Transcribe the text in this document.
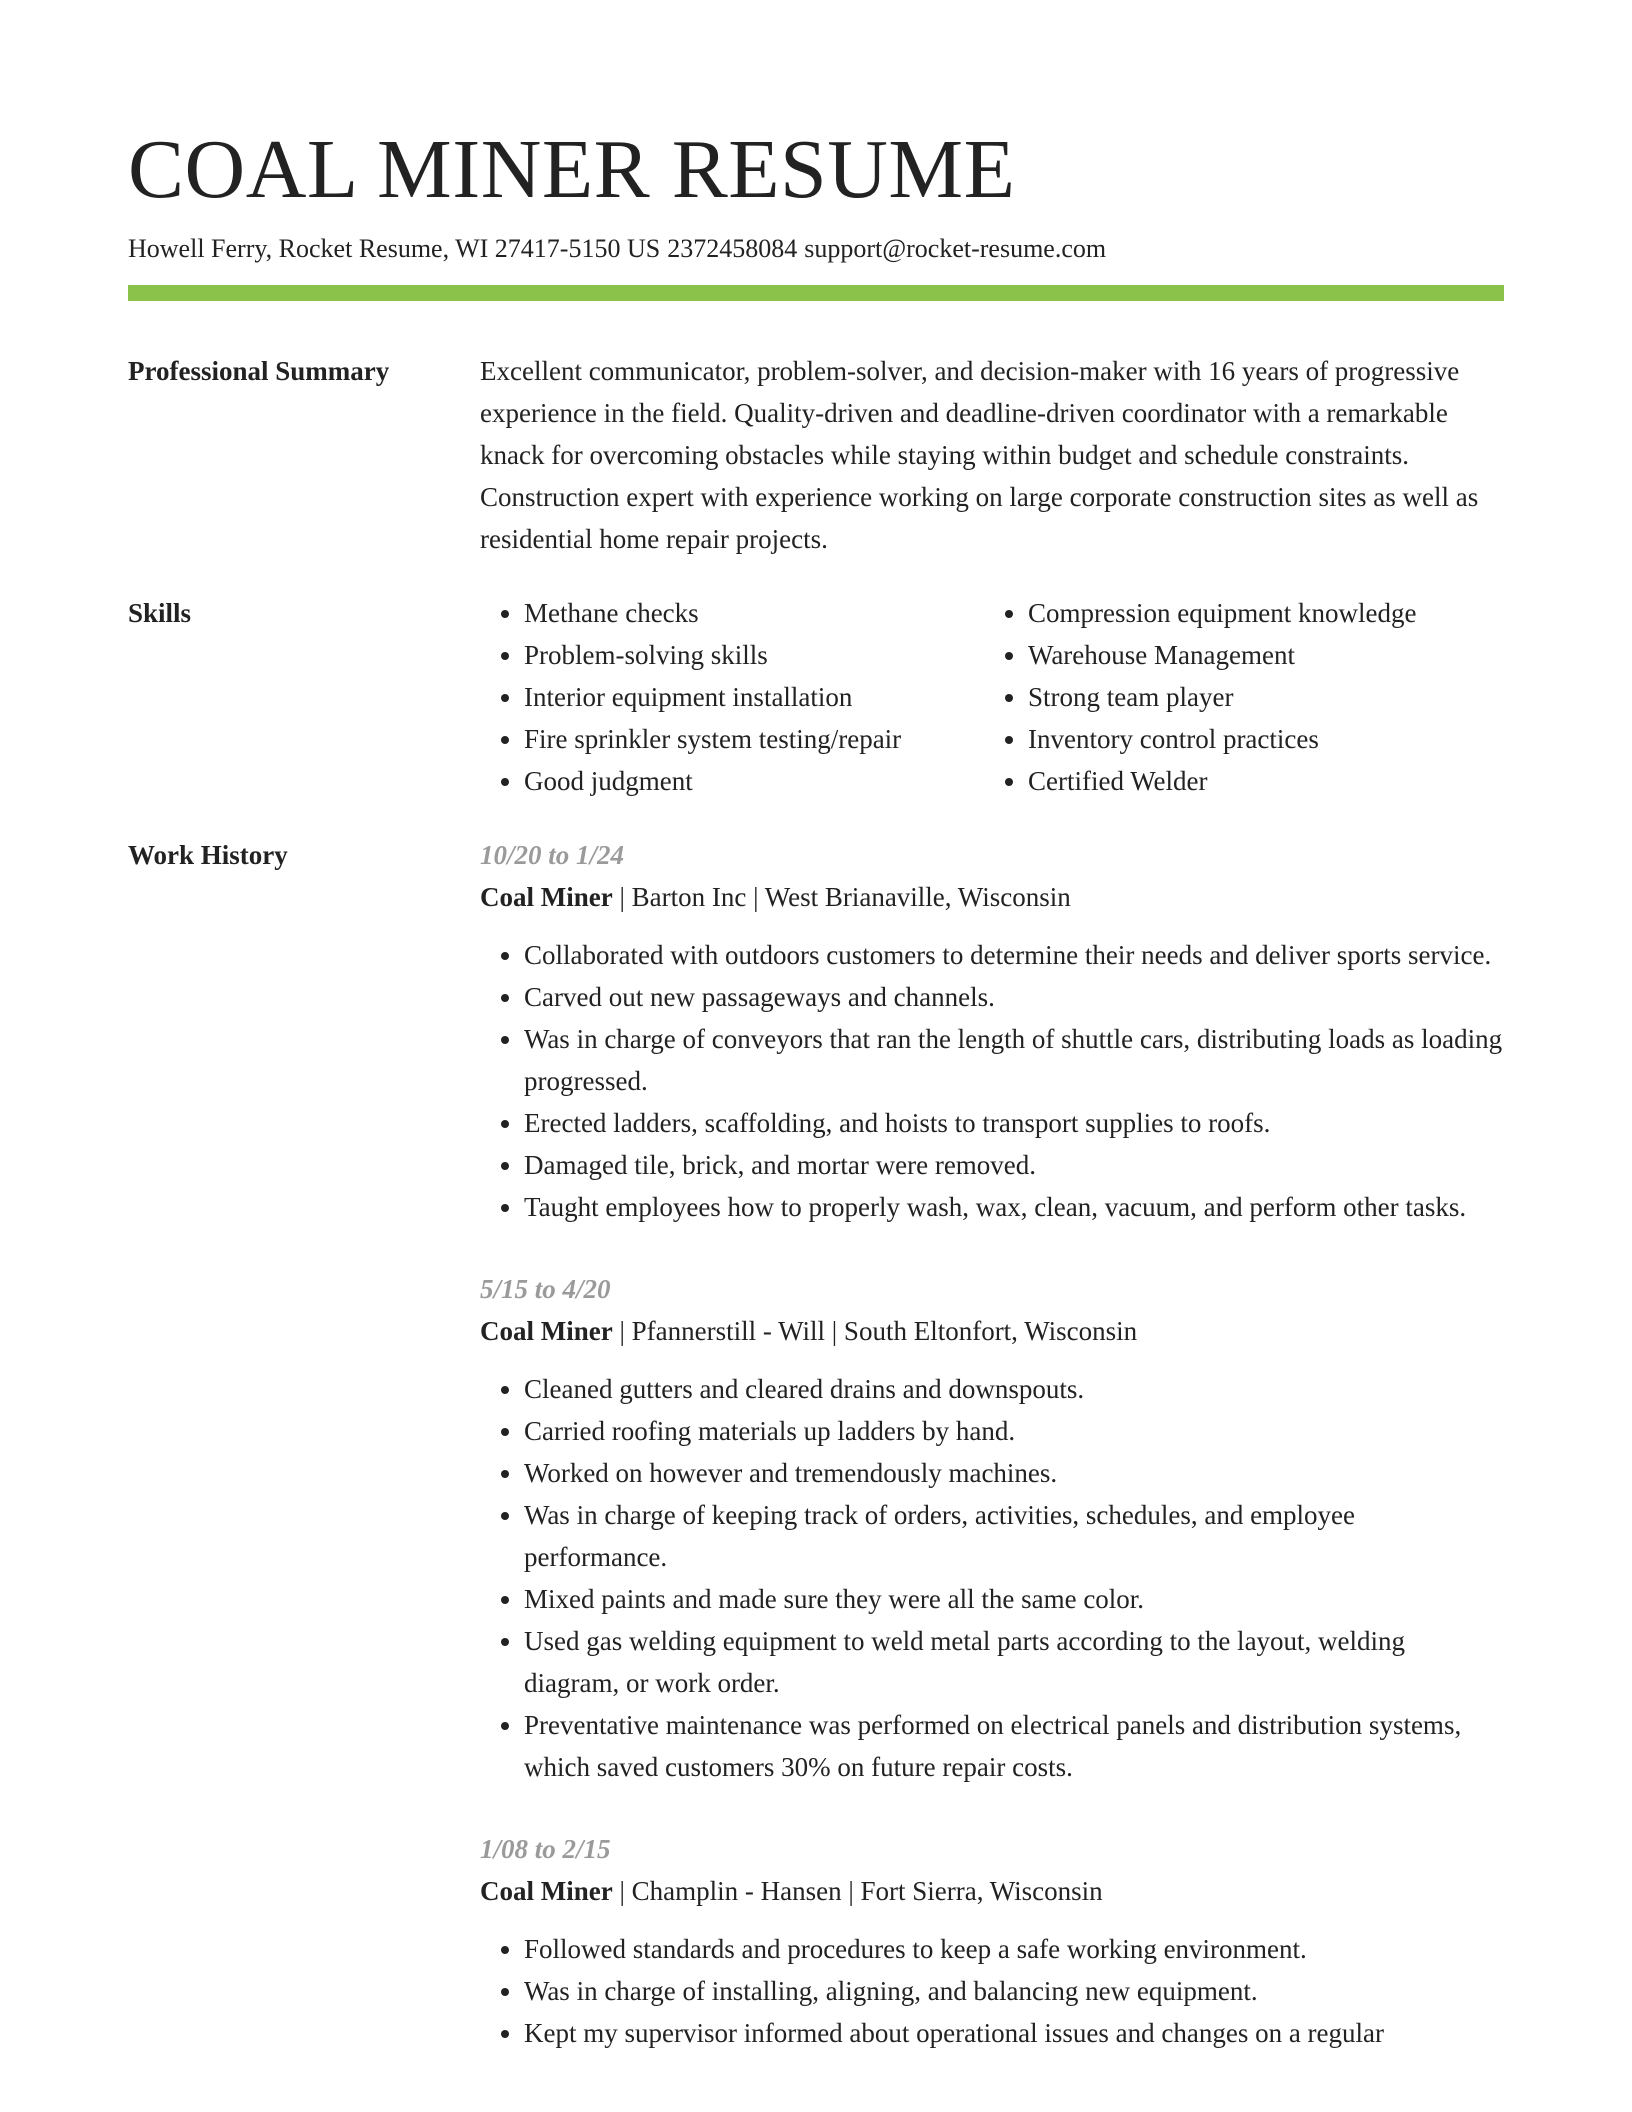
COAL MINER RESUME
Howell Ferry, Rocket Resume, WI 27417-5150 US 2372458084 support@rocket-resume.com
Professional Summary	Excellent communicator, problem-solver, and decision-maker with 16 years of progressive experience in the field. Quality-driven and deadline-driven coordinator with a remarkable knack for overcoming obstacles while staying within budget and schedule constraints. Construction expert with experience working on large corporate construction sites as well as residential home repair projects.

Skills
•	Methane checks
• Problem-solving skills
• Interior equipment installation
• Fire sprinkler system testing/repair
• Good judgment
• Compression equipment knowledge
• Warehouse Management
• Strong team player
• Inventory control practices
• Certified Welder
Work History	10/20 to 1/24
Coal Miner | Barton Inc | West Brianaville, Wisconsin
• Collaborated with outdoors customers to determine their needs and deliver sports service.
• Carved out new passageways and channels.
• Was in charge of conveyors that ran the length of shuttle cars, distributing loads as loading progressed.
• Erected ladders, scaffolding, and hoists to transport supplies to roofs.
• Damaged tile, brick, and mortar were removed.
• Taught employees how to properly wash, wax, clean, vacuum, and perform other tasks.
5/15 to 4/20
Coal Miner | Pfannerstill - Will | South Eltonfort, Wisconsin
• Cleaned gutters and cleared drains and downspouts.
• Carried roofing materials up ladders by hand.
• Worked on however and tremendously machines.
• Was in charge of keeping track of orders, activities, schedules, and employee performance.
• Mixed paints and made sure they were all the same color.
• Used gas welding equipment to weld metal parts according to the layout, welding diagram, or work order.
• Preventative maintenance was performed on electrical panels and distribution systems, which saved customers 30% on future repair costs.
1/08 to 2/15
Coal Miner | Champlin - Hansen | Fort Sierra, Wisconsin
• Followed standards and procedures to keep a safe working environment.
• Was in charge of installing, aligning, and balancing new equipment.
• Kept my supervisor informed about operational issues and changes on a regular
